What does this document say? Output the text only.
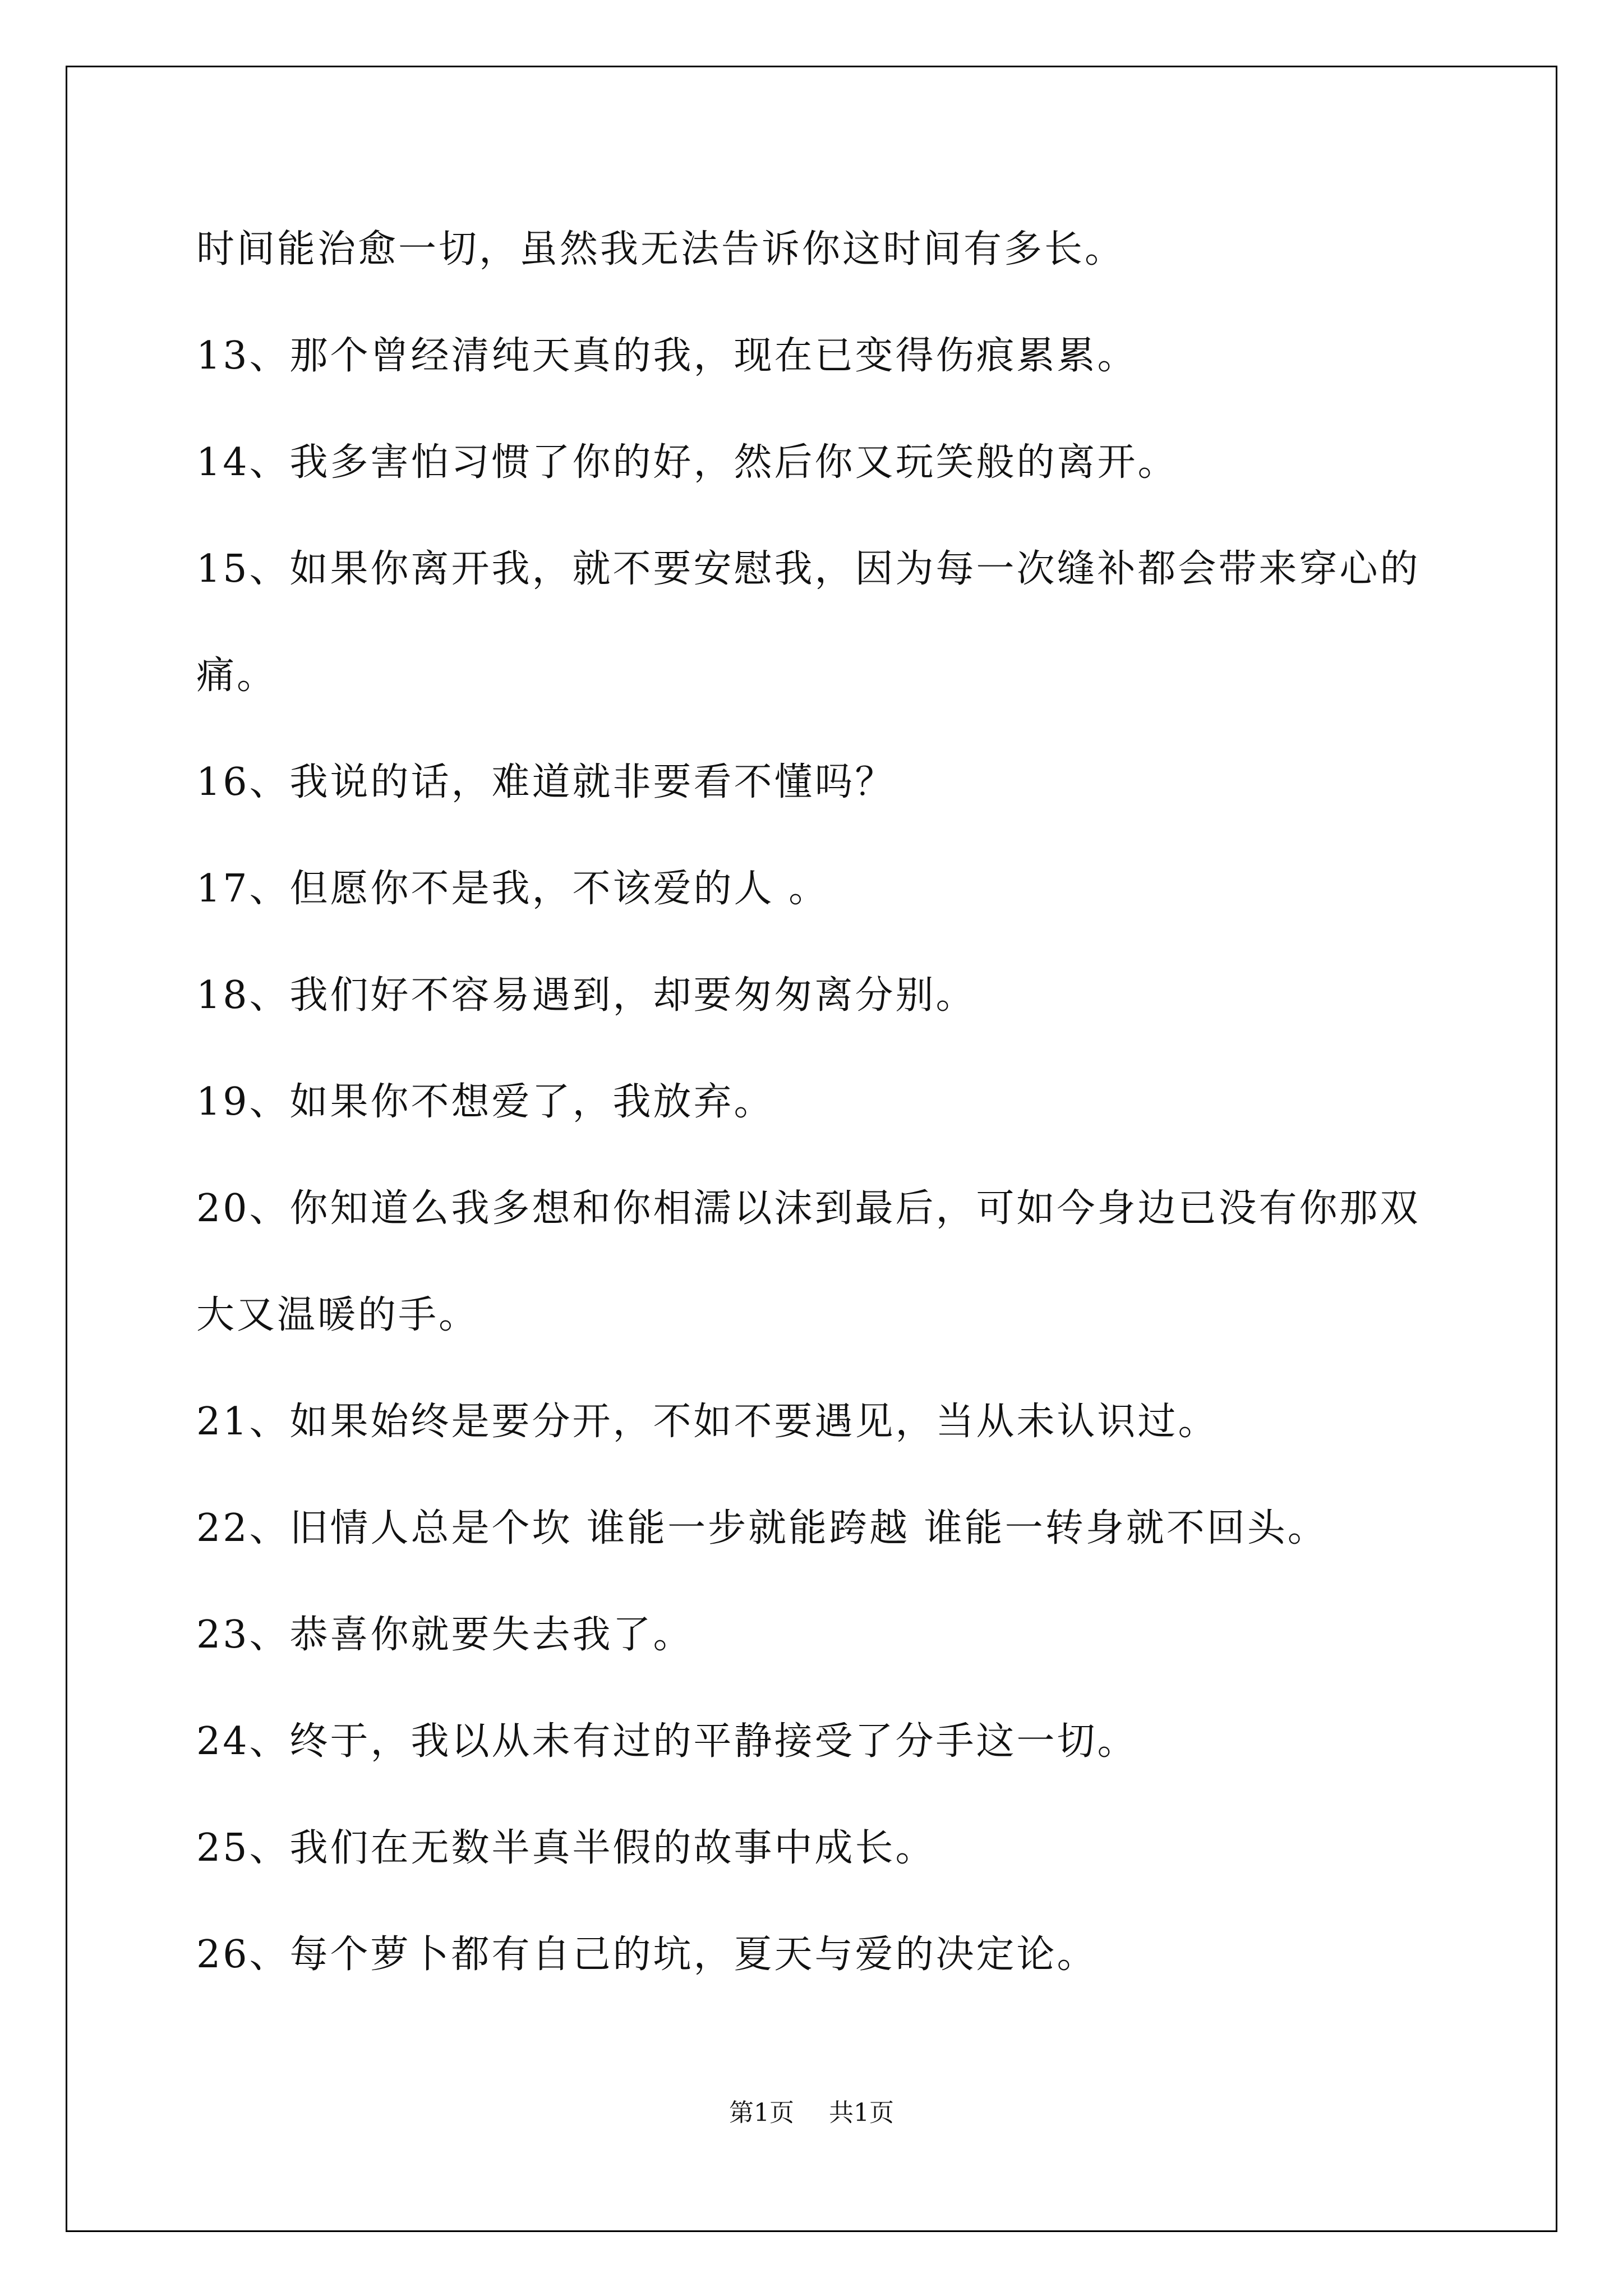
时间能治愈一切，虽然我无法告诉你这时间有多长。
13、那个曾经清纯天真的我，现在已变得伤痕累累。
14、我多害怕习惯了你的好，然后你又玩笑般的离开。
15、如果你离开我，就不要安慰我，因为每一次缝补都会带来穿心的
痛。
16、我说的话，难道就非要看不懂吗？
17、但愿你不是我，不该爱的人 。
18、我们好不容易遇到，却要匆匆离分别。
19、如果你不想爱了，我放弃。
20、你知道么我多想和你相濡以沫到最后，可如今身边已没有你那双
大又温暖的手。
21、如果始终是要分开，不如不要遇见，当从未认识过。
22、旧情人总是个坎 谁能一步就能跨越 谁能一转身就不回头。
23、恭喜你就要失去我了。
24、终于，我以从未有过的平静接受了分手这一切。
25、我们在无数半真半假的故事中成长。
26、每个萝卜都有自己的坑，夏天与爱的决定论。
第1页 共1页
